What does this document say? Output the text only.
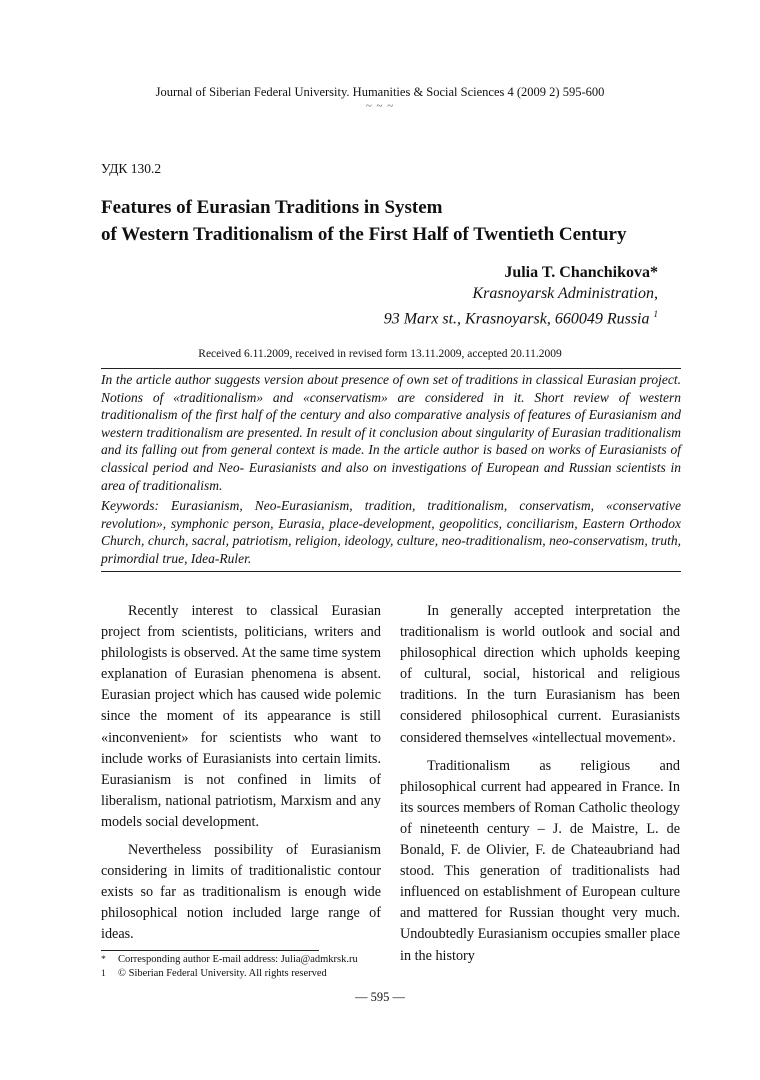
Journal of Siberian Federal University. Humanities & Social Sciences 4 (2009 2) 595-600
~ ~ ~
УДК 130.2
Features of Eurasian Traditions in System
of Western Traditionalism of the First Half of Twentieth Century
Julia T. Chanchikova*
Krasnoyarsk Administration,
93 Marx st., Krasnoyarsk, 660049 Russia $^1$
Received 6.11.2009, received in revised form 13.11.2009, accepted 20.11.2009
In the article author suggests version about presence of own set of traditions in classical Eurasian project. Notions of «traditionalism» and «conservatism» are considered in it. Short review of western traditionalism of the first half of the century and also comparative analysis of features of Eurasianism and western traditionalism are presented. In result of it conclusion about singularity of Eurasian traditionalism and its falling out from general context is made. In the article author is based on works of Eurasianists of classical period and Neo- Eurasianists and also on investigations of European and Russian scientists in area of traditionalism.
Keywords: Eurasianism, Neo-Eurasianism, tradition, traditionalism, conservatism, «conservative revolution», symphonic person, Eurasia, place-development, geopolitics, conciliarism, Eastern Orthodox Church, church, sacral, patriotism, religion, ideology, culture, neo-traditionalism, neo-conservatism, truth, primordial true, Idea-Ruler.

Recently interest to classical Eurasian project from scientists, politicians, writers and philologists is observed. At the same time system explanation of Eurasian phenomena is absent. Eurasian project which has caused wide polemic since the moment of its appearance is still «inconvenient» for scientists who want to include works of Eurasianists into certain limits. Eurasianism is not confined in limits of liberalism, national patriotism, Marxism and any models social development.

Nevertheless possibility of Eurasianism considering in limits of traditionalistic contour exists so far as traditionalism is enough wide philosophical notion included large range of ideas.

In generally accepted interpretation the traditionalism is world outlook and social and philosophical direction which upholds keeping of cultural, social, historical and religious traditions. In the turn Eurasianism has been considered philosophical current. Eurasianists considered themselves «intellectual movement».

Traditionalism as religious and philosophical current had appeared in France. In its sources members of Roman Catholic theology of nineteenth century – J. de Maistre, L. de Bonald, F. de Olivier, F. de Chateaubriand had stood. This generation of traditionalists had influenced on establishment of European culture and mattered for Russian thought very much. Undoubtedly Eurasianism occupies smaller place in the history

*	Corresponding author E-mail address: Julia@admkrsk.ru
1	© Siberian Federal University. All rights reserved
— 595 —
